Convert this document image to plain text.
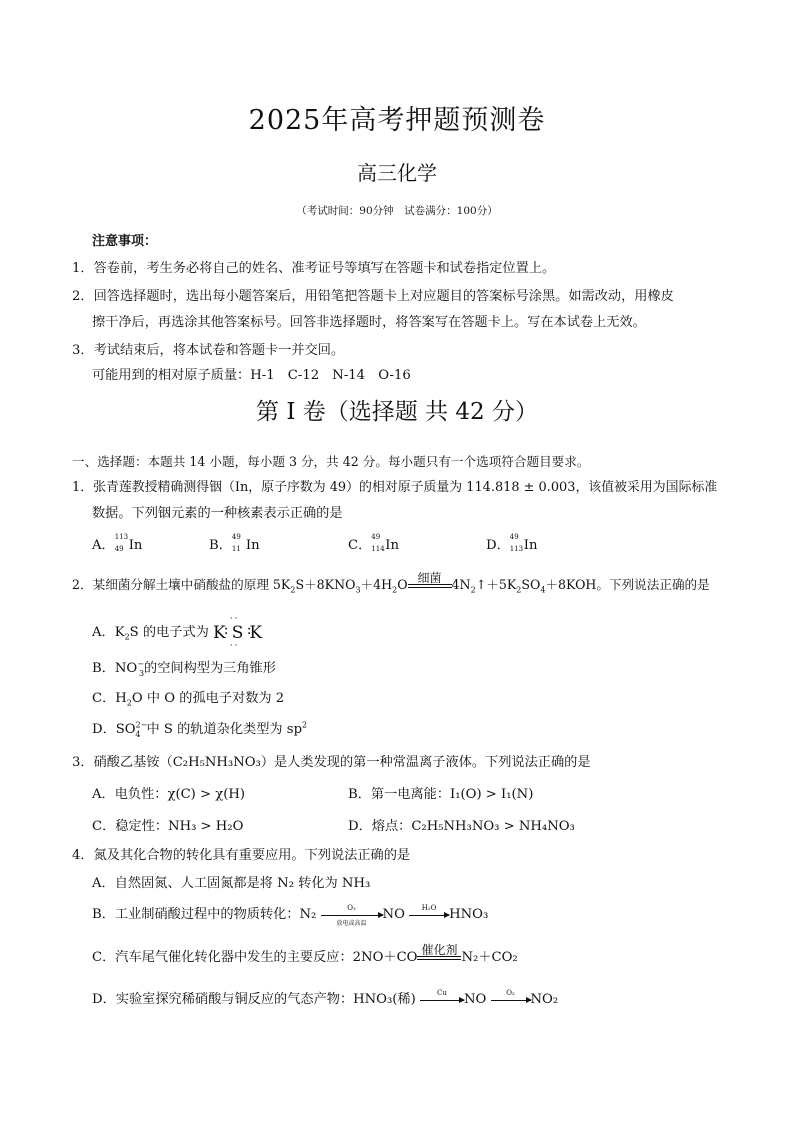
2025年高考押题预测卷
高三化学
（考试时间：90分钟　试卷满分：100分）
注意事项：
1．答卷前，考生务必将自己的姓名、准考证号等填写在答题卡和试卷指定位置上。
2．回答选择题时，选出每小题答案后，用铅笔把答题卡上对应题目的答案标号涂黑。如需改动，用橡皮
擦干净后，再选涂其他答案标号。回答非选择题时，将答案写在答题卡上。写在本试卷上无效。
3．考试结束后，将本试卷和答题卡一并交回。
可能用到的相对原子质量：H-1　C-12　N-14　O-16
第 I 卷（选择题 共 42 分）
一、选择题：本题共 14 小题，每小题 3 分，共 42 分。每小题只有一个选项符合题目要求。
1．张青莲教授精确测得铟（In，原子序数为 49）的相对原子质量为 114.818 ± 0.003，该值被采用为国际标准
数据。下列铟元素的一种核素表示正确的是
A．
113
49 In	B．
49
11 In	C．
49
114 In	D．
49
113 In
2．某细菌分解土壤中硝酸盐的原理 $5K_2S+8KNO_3+4H_2O$ 细菌 $4N_2↑+5K_2SO_4+8KOH$。下列说法正确的是
A．$K_2S$ 的电子式为 K
: ··
S
··
:K
B．$NO^-_3$的空间构型为三角锥形
C．$H_2O$ 中 O 的孤电子对数为 2
D．$SO^{2-}_4$ 中 S 的轨道杂化类型为 $sp^2$
3．硝酸乙基铵（C₂H₅NH₃NO₃）是人类发现的第一种常温离子液体。下列说法正确的是
A．电负性：χ(C) > χ(H)	B．第一电离能：I₁(O) > I₁(N)
C．稳定性：NH₃ > H₂O	D．熔点：C₂H₅NH₃NO₃ > NH₄NO₃
4．氮及其化合物的转化具有重要应用。下列说法正确的是
A．自然固氮、人工固氮都是将 N₂ 转化为 NH₃
B．工业制硝酸过程中的物质转化：N₂	O₂
放电或高温
NO	H₂O HNO₃
C．汽车尾气催化转化器中发生的主要反应：2NO＋CO
催化剂
N₂＋CO₂
D．实验室探究稀硝酸与铜反应的气态产物：HNO₃(稀)	Cu	NO	O₂	NO₂
